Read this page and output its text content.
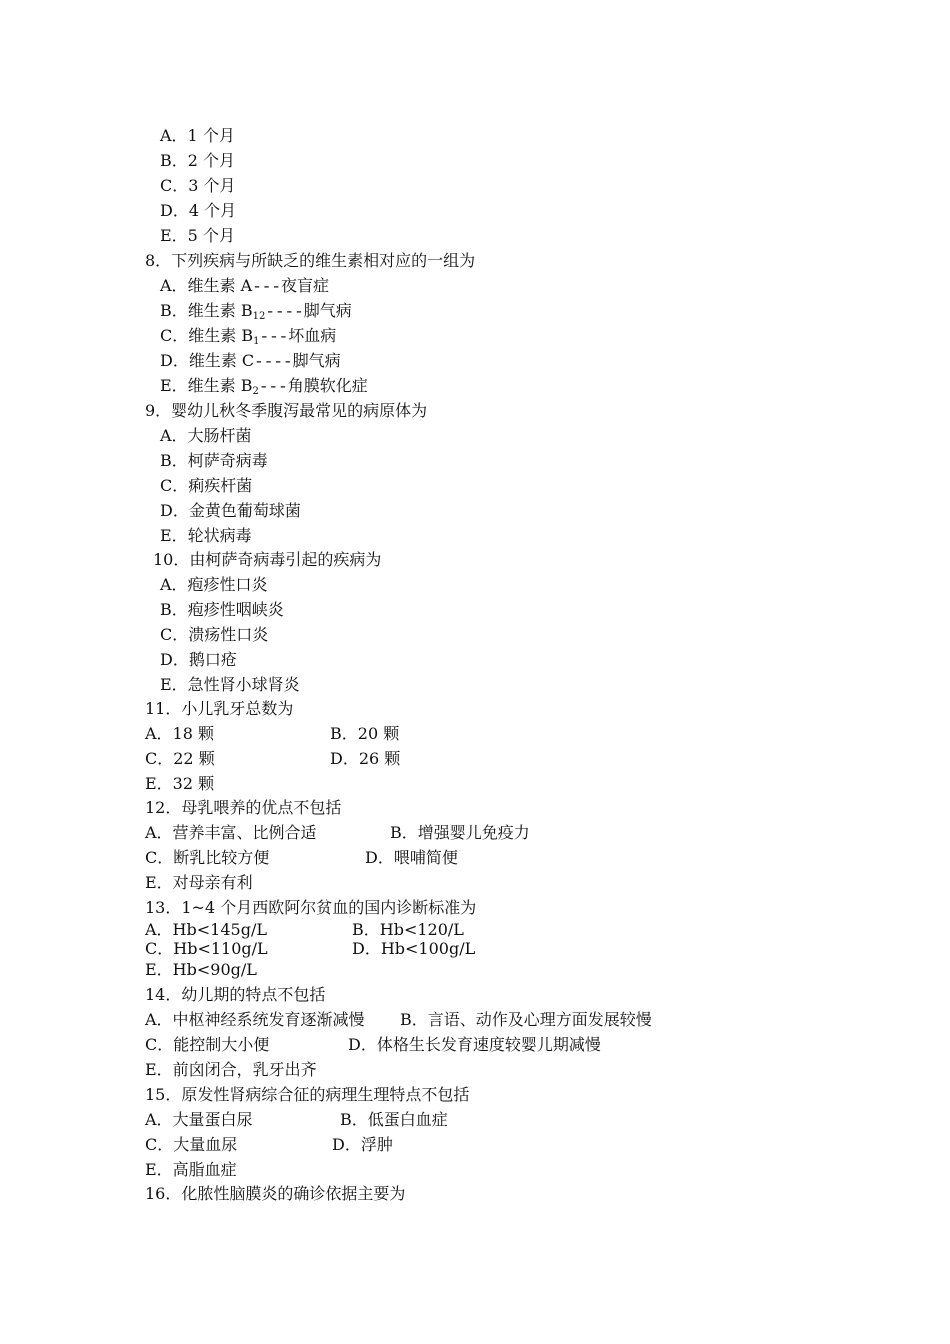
A．1 个月
B．2 个月
C．3 个月
D．4 个月
E．5 个月
8．下列疾病与所缺乏的维生素相对应的一组为
A．维生素 A---夜盲症
B．维生素 $B_{12}----$脚气病
C．维生素 $B_1---$坏血病
D．维生素 C----脚气病
E．维生素 $B_2---$角膜软化症
9．婴幼儿秋冬季腹泻最常见的病原体为
A．大肠杆菌
B．柯萨奇病毒
C．痢疾杆菌
D．金黄色葡萄球菌
E．轮状病毒
10．由柯萨奇病毒引起的疾病为
A．疱疹性口炎
B．疱疹性咽峡炎
C．溃疡性口炎
D．鹅口疮
E．急性肾小球肾炎
11．小儿乳牙总数为
A．18 颗	B．20 颗
C．22 颗	D．26 颗
E．32 颗
12．母乳喂养的优点不包括
A．营养丰富、比例合适	B．增强婴儿免疫力
C．断乳比较方便	D．喂哺简便
E．对母亲有利
13．1~4 个月西欧阿尔贫血的国内诊断标准为
A．Hb<145g/L	B．Hb<120/L
C．Hb<110g/L	D．Hb<100g/L
E．Hb<90g/L
14．幼儿期的特点不包括
A．中枢神经系统发育逐渐减慢 B．言语、动作及心理方面发展较慢
C．能控制大小便	D．体格生长发育速度较婴儿期减慢
E．前囟闭合，乳牙出齐
15．原发性肾病综合征的病理生理特点不包括
A．大量蛋白尿	B．低蛋白血症
C．大量血尿	D．浮肿
E．高脂血症
16．化脓性脑膜炎的确诊依据主要为
